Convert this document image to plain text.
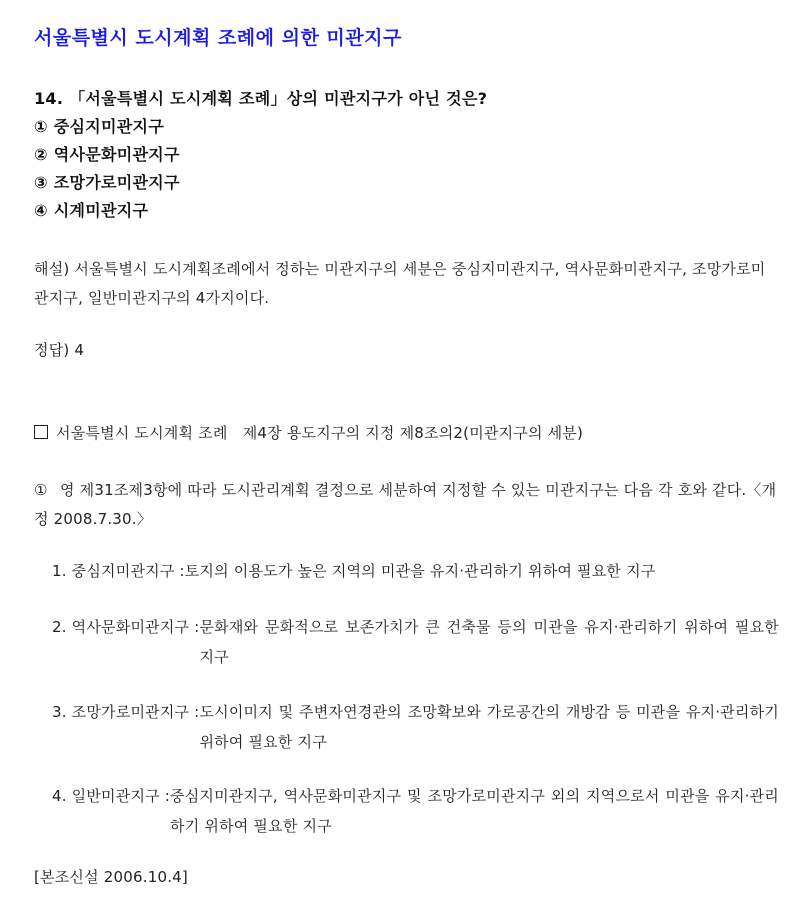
서울특별시 도시계획 조례에 의한 미관지구
14. 「서울특별시 도시계획 조례」상의 미관지구가 아닌 것은?
① 중심지미관지구
② 역사문화미관지구
③ 조망가로미관지구
④ 시계미관지구
해설) 서울특별시 도시계획조례에서 정하는 미관지구의 세분은 중심지미관지구, 역사문화미관지구, 조망가로미관지구, 일반미관지구의 4가지이다.
정답) 4
서울특별시 도시계획 조례　제4장 용도지구의 지정 제8조의2(미관지구의 세분)
① 영 제31조제3항에 따라 도시관리계획 결정으로 세분하여 지정할 수 있는 미관지구는 다음 각 호와 같다.〈개정 2008.7.30.〉
1. 중심지미관지구 : 토지의 이용도가 높은 지역의 미관을 유지·관리하기 위하여 필요한 지구
2. 역사문화미관지구 : 문화재와 문화적으로 보존가치가 큰 건축물 등의 미관을 유지·관리하기 위하여 필요한 지구
3. 조망가로미관지구 : 도시이미지 및 주변자연경관의 조망확보와 가로공간의 개방감 등 미관을 유지·관리하기 위하여 필요한 지구
4. 일반미관지구 : 중심지미관지구, 역사문화미관지구 및 조망가로미관지구 외의 지역으로서 미관을 유지·관리하기 위하여 필요한 지구
[본조신설 2006.10.4]
